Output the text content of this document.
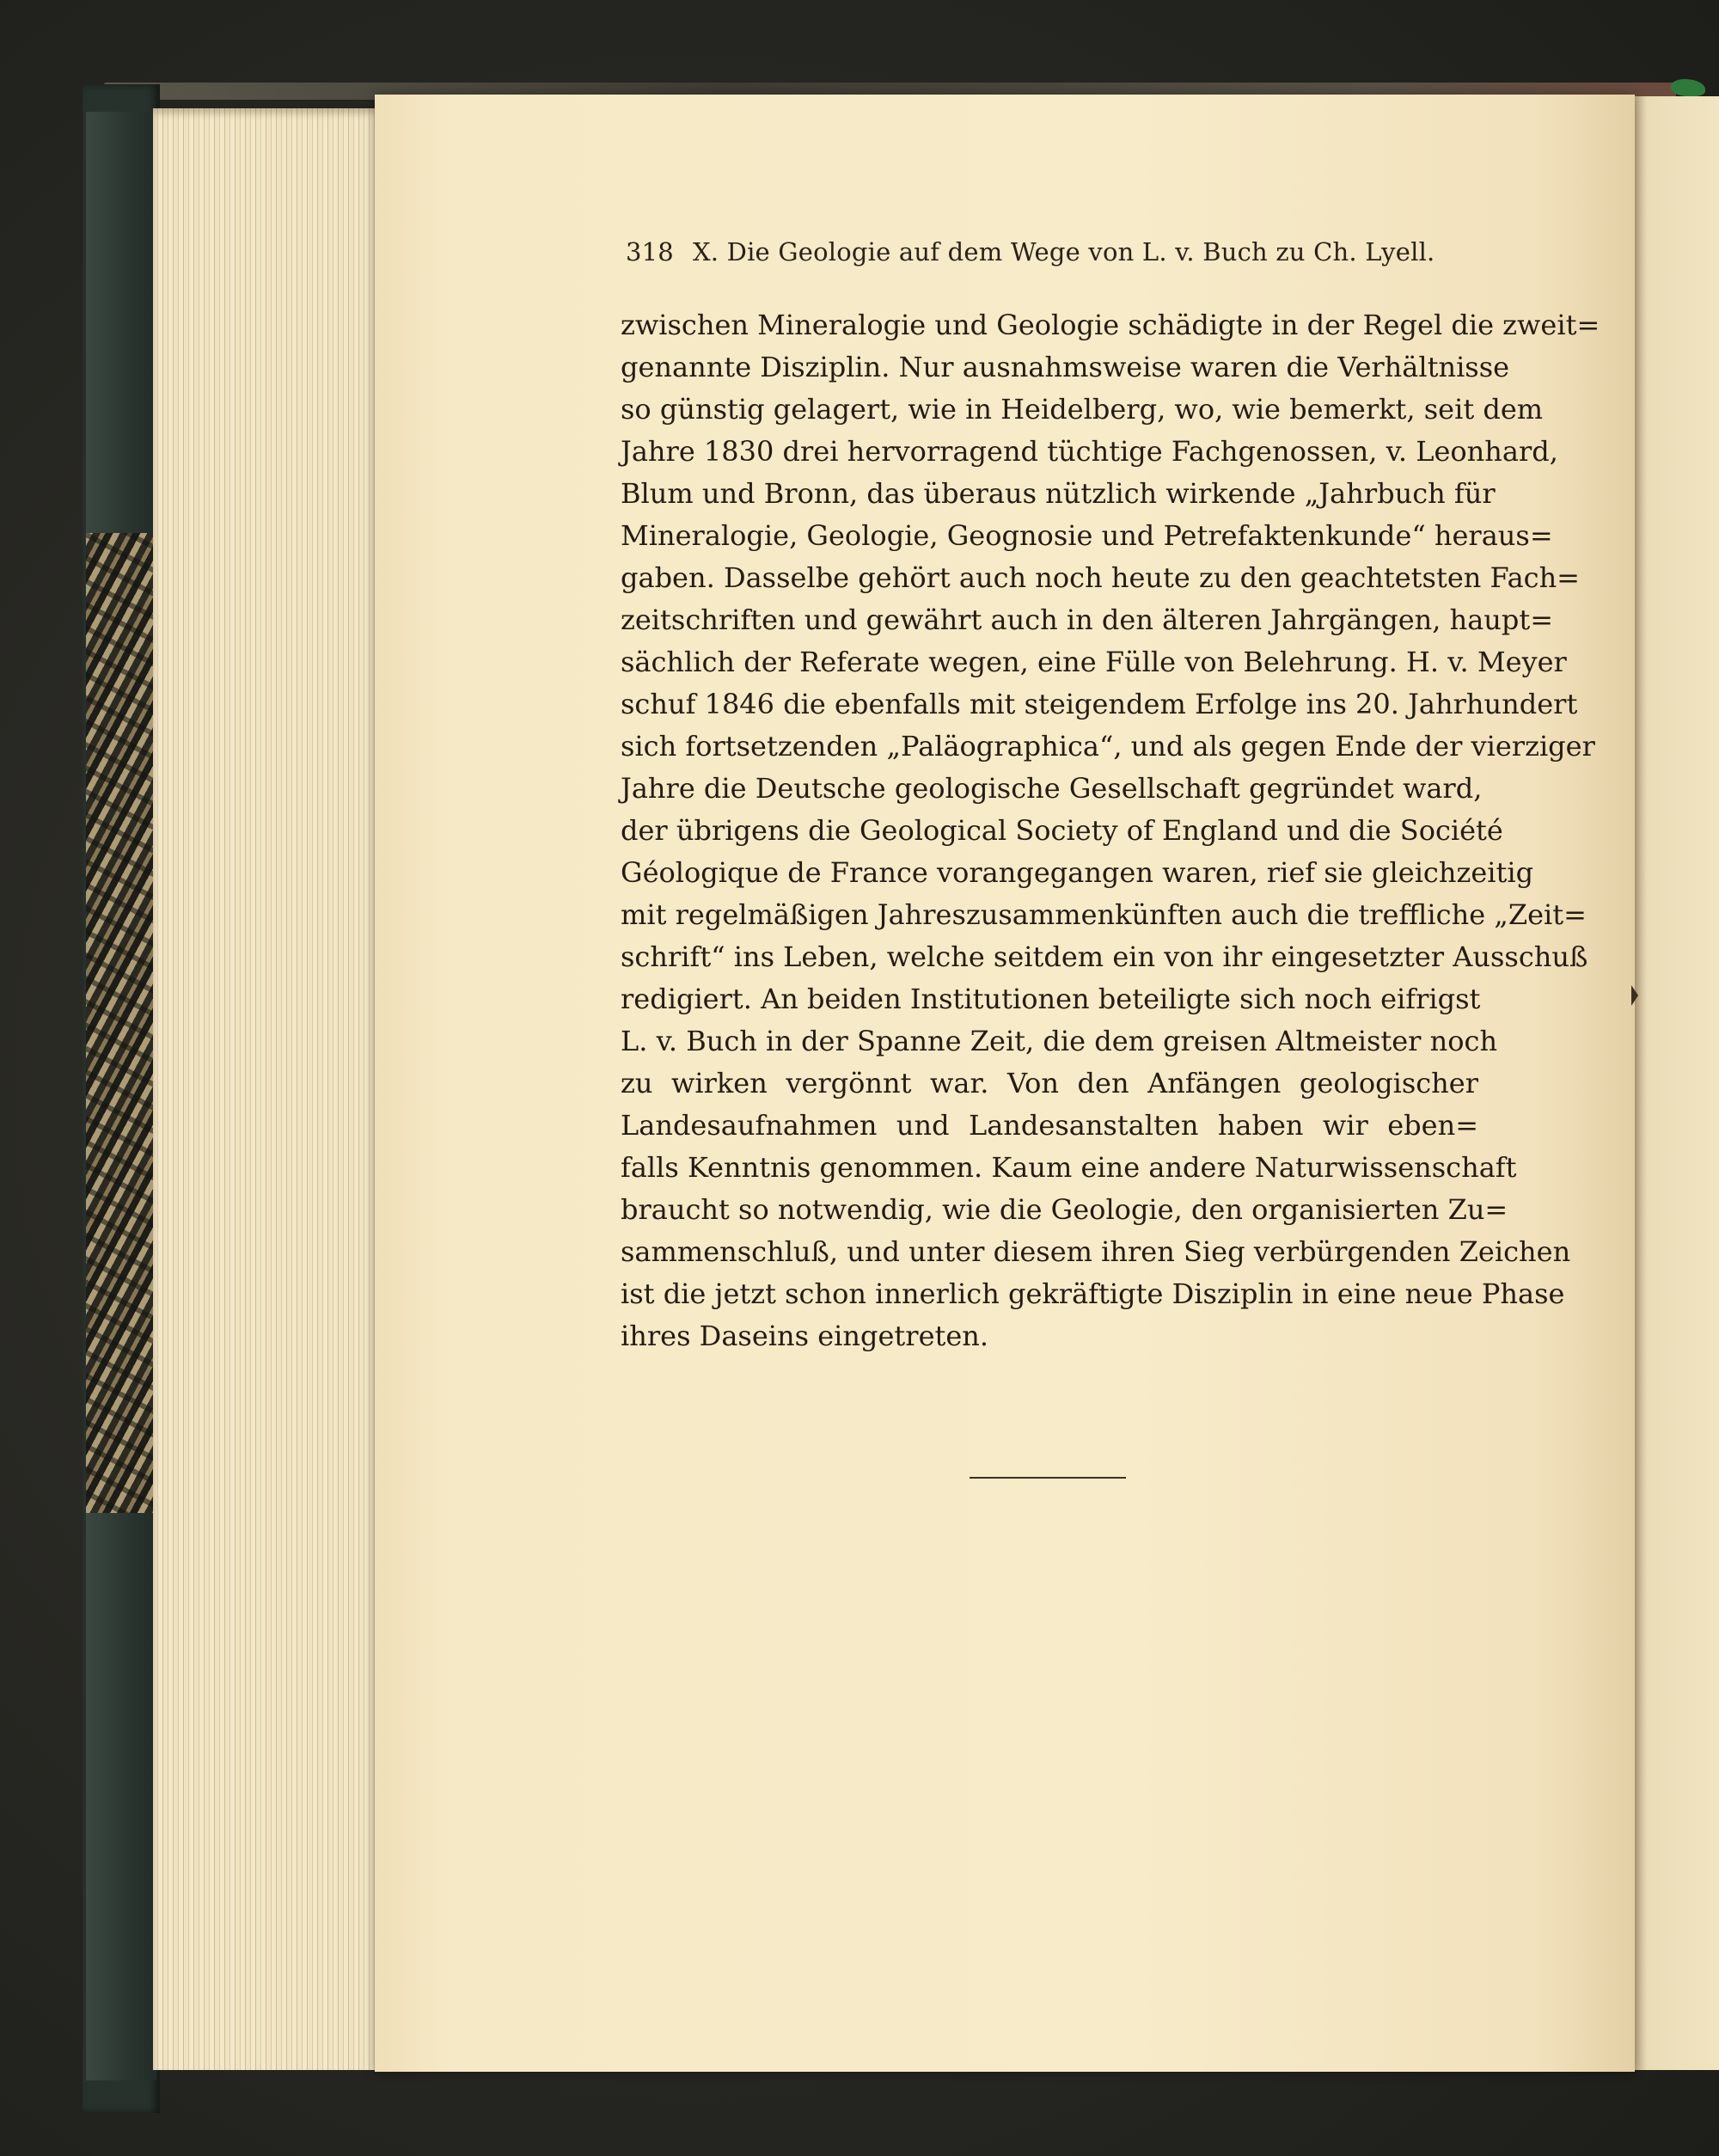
318 X. Die Geologie auf dem Wege von L. v. Buch zu Ch. Lyell.
zwischen Mineralogie und Geologie schädigte in der Regel die zweit=
genannte Disziplin. Nur ausnahmsweise waren die Verhältnisse
so günstig gelagert, wie in Heidelberg, wo, wie bemerkt, seit dem
Jahre 1830 drei hervorragend tüchtige Fachgenossen, v. Leonhard,
Blum und Bronn, das überaus nützlich wirkende „Jahrbuch für
Mineralogie, Geologie, Geognosie und Petrefaktenkunde“ heraus=
gaben. Dasselbe gehört auch noch heute zu den geachtetsten Fach=
zeitschriften und gewährt auch in den älteren Jahrgängen, haupt=
sächlich der Referate wegen, eine Fülle von Belehrung. H. v. Meyer
schuf 1846 die ebenfalls mit steigendem Erfolge ins 20. Jahrhundert
sich fortsetzenden „Paläographica“, und als gegen Ende der vierziger
Jahre die Deutsche geologische Gesellschaft gegründet ward,
der übrigens die Geological Society of England und die Société
Géologique de France vorangegangen waren, rief sie gleichzeitig
mit regelmäßigen Jahreszusammenkünften auch die treffliche „Zeit=
schrift“ ins Leben, welche seitdem ein von ihr eingesetzter Ausschuß
redigiert. An beiden Institutionen beteiligte sich noch eifrigst
L. v. Buch in der Spanne Zeit, die dem greisen Altmeister noch
zu wirken vergönnt war. Von den Anfängen geologischer
Landesaufnahmen und Landesanstalten haben wir eben=
falls Kenntnis genommen. Kaum eine andere Naturwissenschaft
braucht so notwendig, wie die Geologie, den organisierten Zu=
sammenschluß, und unter diesem ihren Sieg verbürgenden Zeichen
ist die jetzt schon innerlich gekräftigte Disziplin in eine neue Phase
ihres Daseins eingetreten.
